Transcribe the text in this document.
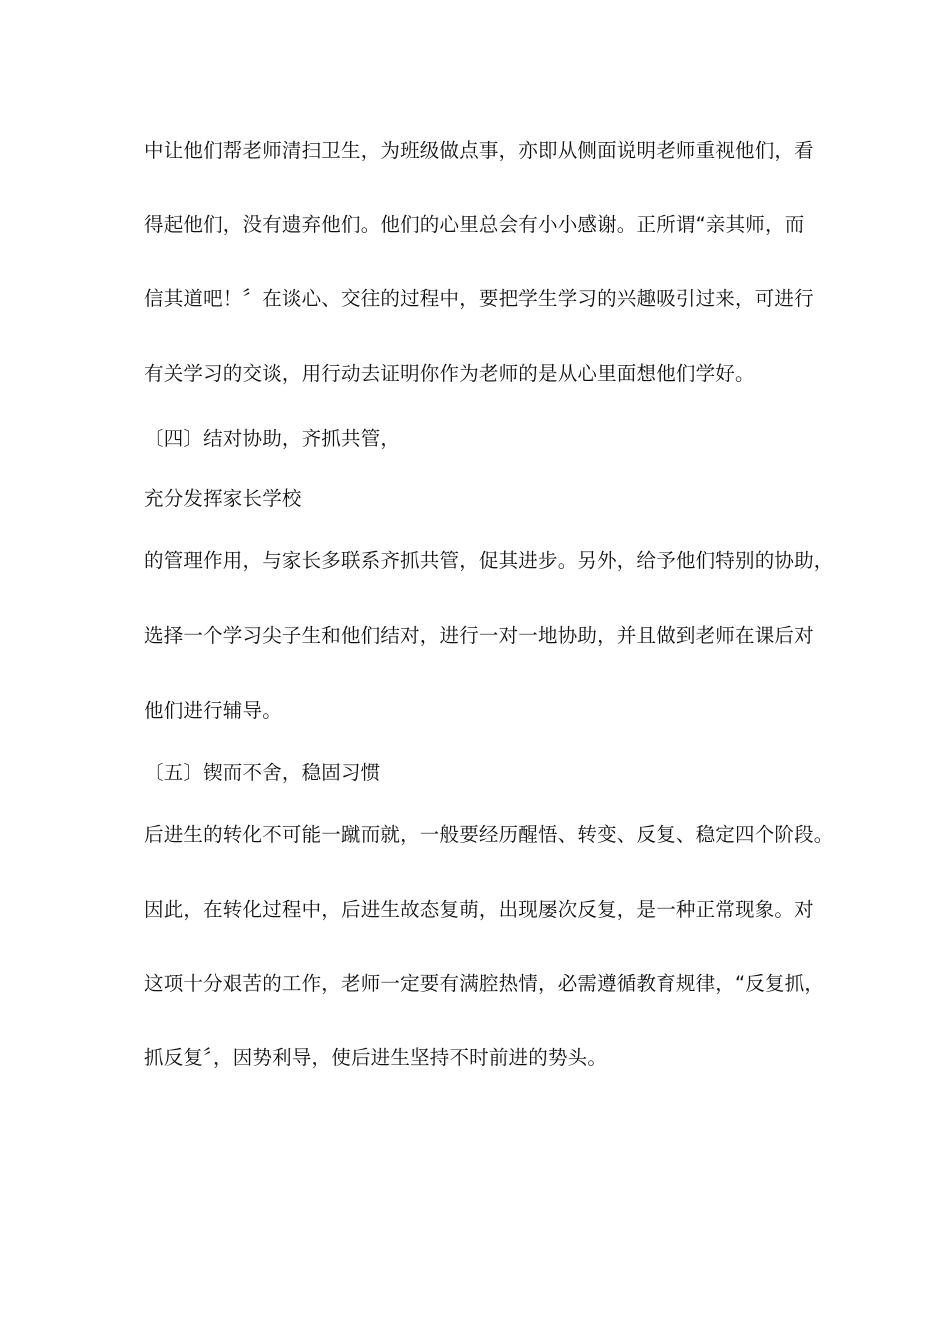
中让他们帮老师清扫卫生，为班级做点事，亦即从侧面说明老师重视他们，看
得起他们，没有遗弃他们。他们的心里总会有小小感谢。正所谓“亲其师，而
信其道吧！〞在谈心、交往的过程中，要把学生学习的兴趣吸引过来，可进行
有关学习的交谈，用行动去证明你作为老师的是从心里面想他们学好。
〔四〕结对协助，齐抓共管，
充分发挥家长学校
的管理作用，与家长多联系齐抓共管，促其进步。另外，给予他们特别的协助，
选择一个学习尖子生和他们结对，进行一对一地协助，并且做到老师在课后对
他们进行辅导。
〔五〕锲而不舍，稳固习惯
后进生的转化不可能一蹴而就，一般要经历醒悟、转变、反复、稳定四个阶段。
因此，在转化过程中，后进生故态复萌，出现屡次反复，是一种正常现象。对
这项十分艰苦的工作，老师一定要有满腔热情，必需遵循教育规律，“反复抓，
抓反复〞，因势利导，使后进生坚持不时前进的势头。
